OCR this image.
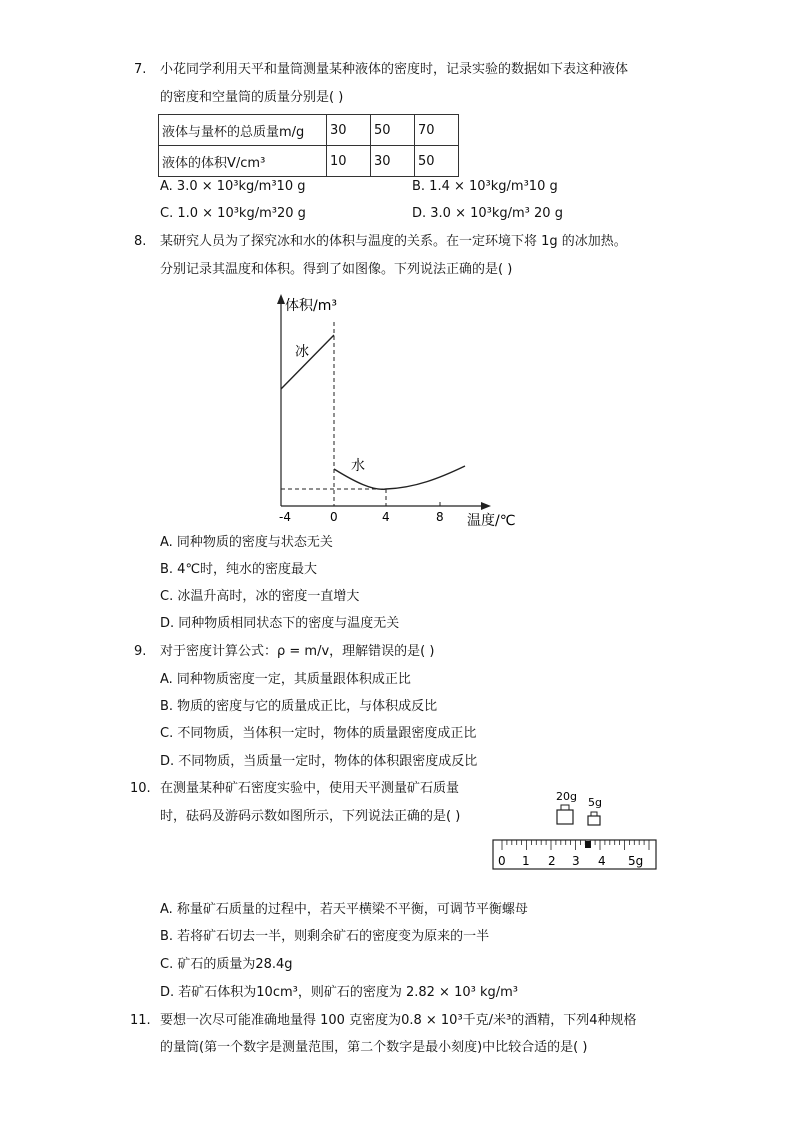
7. 小花同学利用天平和量筒测量某种液体的密度时，记录实验的数据如下表这种液体
的密度和空量筒的质量分别是( )
液体与量杯的总质量m/g	30	50	70
液体的体积V/cm³	10	30	50
A. 3.0 × 10³kg/m³10 g	B. 1.4 × 10³kg/m³10 g
C. 1.0 × 10³kg/m³20 g	D. 3.0 × 10³kg/m³ 20 g
8. 某研究人员为了探究冰和水的体积与温度的关系。在一定环境下将 1g 的冰加热。
分别记录其温度和体积。得到了如图像。下列说法正确的是( )
体积/m³
温度/℃
冰
水
-4	0	4	8
A. 同种物质的密度与状态无关
B. 4℃时，纯水的密度最大
C. 冰温升高时，冰的密度一直增大
D. 同种物质相同状态下的密度与温度无关
9. 对于密度计算公式：ρ = m/v，理解错误的是( )
A. 同种物质密度一定，其质量跟体积成正比
B. 物质的密度与它的质量成正比，与体积成反比
C. 不同物质，当体积一定时，物体的质量跟密度成正比
D. 不同物质，当质量一定时，物体的体积跟密度成反比
10. 在测量某种矿石密度实验中，使用天平测量矿石质量
时，砝码及游码示数如图所示，下列说法正确的是( )
20g 5g
0 1 2 3 4 5g
A. 称量矿石质量的过程中，若天平横梁不平衡，可调节平衡螺母
B. 若将矿石切去一半，则剩余矿石的密度变为原来的一半
C. 矿石的质量为28.4g
D. 若矿石体积为10cm³，则矿石的密度为 2.82 × 10³ kg/m³
11. 要想一次尽可能准确地量得 100 克密度为0.8 × 10³千克/米³的酒精，下列4种规格
的量筒(第一个数字是测量范围，第二个数字是最小刻度)中比较合适的是( )
